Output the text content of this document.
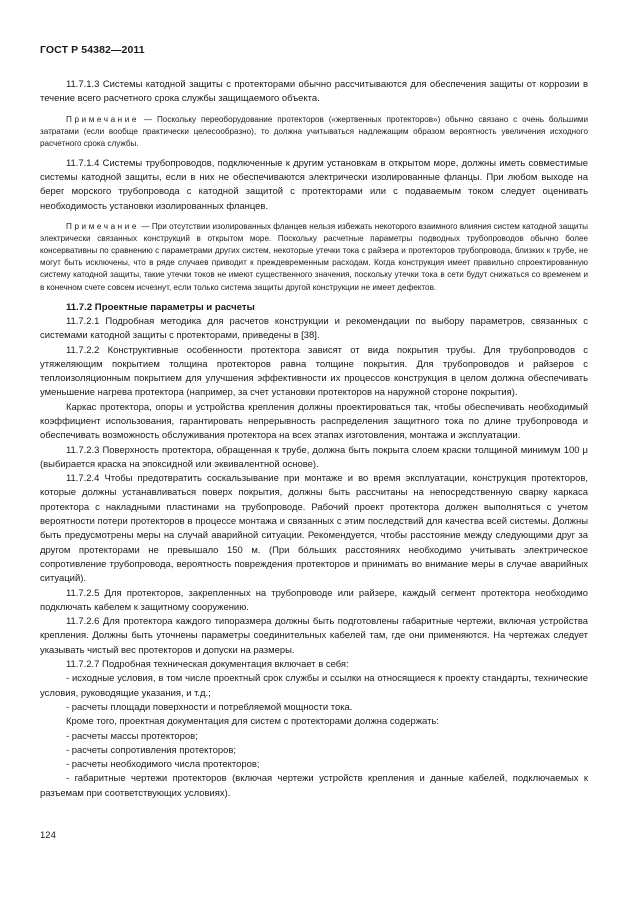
ГОСТ Р 54382—2011

11.7.1.3 Системы катодной защиты с протекторами обычно рассчитываются для обеспечения защиты от коррозии в течение всего расчетного срока службы защищаемого объекта.

Примечание — Поскольку переоборудование протекторов («жертвенных протекторов») обычно связано с очень большими затратами (если вообще практически целесообразно), то должна учитываться надлежащим образом вероятность увеличения исходного расчетного срока службы.

11.7.1.4 Системы трубопроводов, подключенные к другим установкам в открытом море, должны иметь совместимые системы катодной защиты, если в них не обеспечиваются электрически изолированные фланцы. При любом выходе на берег морского трубопровода с катодной защитой с протекторами или с подаваемым током следует оценивать необходимость установки изолированных фланцев.

Примечание — При отсутствии изолированных фланцев нельзя избежать некоторого взаимного влияния систем катодной защиты электрически связанных конструкций в открытом море. Поскольку расчетные параметры подводных трубопроводов обычно более консервативны по сравнению с параметрами других систем, некоторые утечки тока с райзера и протекторов трубопровода, близких к трубе, не могут быть исключены, что в ряде случаев приводит к преждевременным расходам. Когда конструкция имеет правильно спроектированную систему катодной защиты, такие утечки токов не имеют существенного значения, поскольку утечки тока в сети будут снижаться со временем и в конечном счете совсем исчезнут, если только система защиты другой конструкции не имеет дефектов.

11.7.2 Проектные параметры и расчеты

11.7.2.1 Подробная методика для расчетов конструкции и рекомендации по выбору параметров, связанных с системами катодной защиты с протекторами, приведены в [38].

11.7.2.2 Конструктивные особенности протектора зависят от вида покрытия трубы. Для трубопроводов с утяжеляющим покрытием толщина протекторов равна толщине покрытия. Для трубопроводов и райзеров с теплоизоляционным покрытием для улучшения эффективности их процессов конструкция в целом должна обеспечивать уменьшение нагрева протектора (например, за счет установки протекторов на наружной стороне покрытия).

Каркас протектора, опоры и устройства крепления должны проектироваться так, чтобы обеспечивать необходимый коэффициент использования, гарантировать непрерывность распределения защитного тока по длине трубопровода и обеспечивать возможность обслуживания протектора на всех этапах изготовления, монтажа и эксплуатации.

11.7.2.3 Поверхность протектора, обращенная к трубе, должна быть покрыта слоем краски толщиной минимум 100 μ (выбирается краска на эпоксидной или эквивалентной основе).

11.7.2.4 Чтобы предотвратить соскальзывание при монтаже и во время эксплуатации, конструкция протекторов, которые должны устанавливаться поверх покрытия, должны быть рассчитаны на непосредственную сварку каркаса протектора с накладными пластинами на трубопроводе. Рабочий проект протектора должен выполняться с учетом вероятности потери протекторов в процессе монтажа и связанных с этим последствий для качества всей системы. Должны быть предусмотрены меры на случай аварийной ситуации. Рекомендуется, чтобы расстояние между следующими друг за другом протекторами не превышало 150 м. (При бóльших расстояниях необходимо учитывать электрическое сопротивление трубопровода, вероятность повреждения протекторов и принимать во внимание меры в случае аварийных ситуаций).

11.7.2.5 Для протекторов, закрепленных на трубопроводе или райзере, каждый сегмент протектора необходимо подключать кабелем к защитному сооружению.

11.7.2.6 Для протектора каждого типоразмера должны быть подготовлены габаритные чертежи, включая устройства крепления. Должны быть уточнены параметры соединительных кабелей там, где они применяются. На чертежах следует указывать чистый вес протекторов и допуски на размеры.

11.7.2.7 Подробная техническая документация включает в себя:

- исходные условия, в том числе проектный срок службы и ссылки на относящиеся к проекту стандарты, технические условия, руководящие указания, и т.д.;

- расчеты площади поверхности и потребляемой мощности тока.

Кроме того, проектная документация для систем с протекторами должна содержать:

- расчеты массы протекторов;

- расчеты сопротивления протекторов;

- расчеты необходимого числа протекторов;

- габаритные чертежи протекторов (включая чертежи устройств крепления и данные кабелей, подключаемых к разъемам при соответствующих условиях).

124
